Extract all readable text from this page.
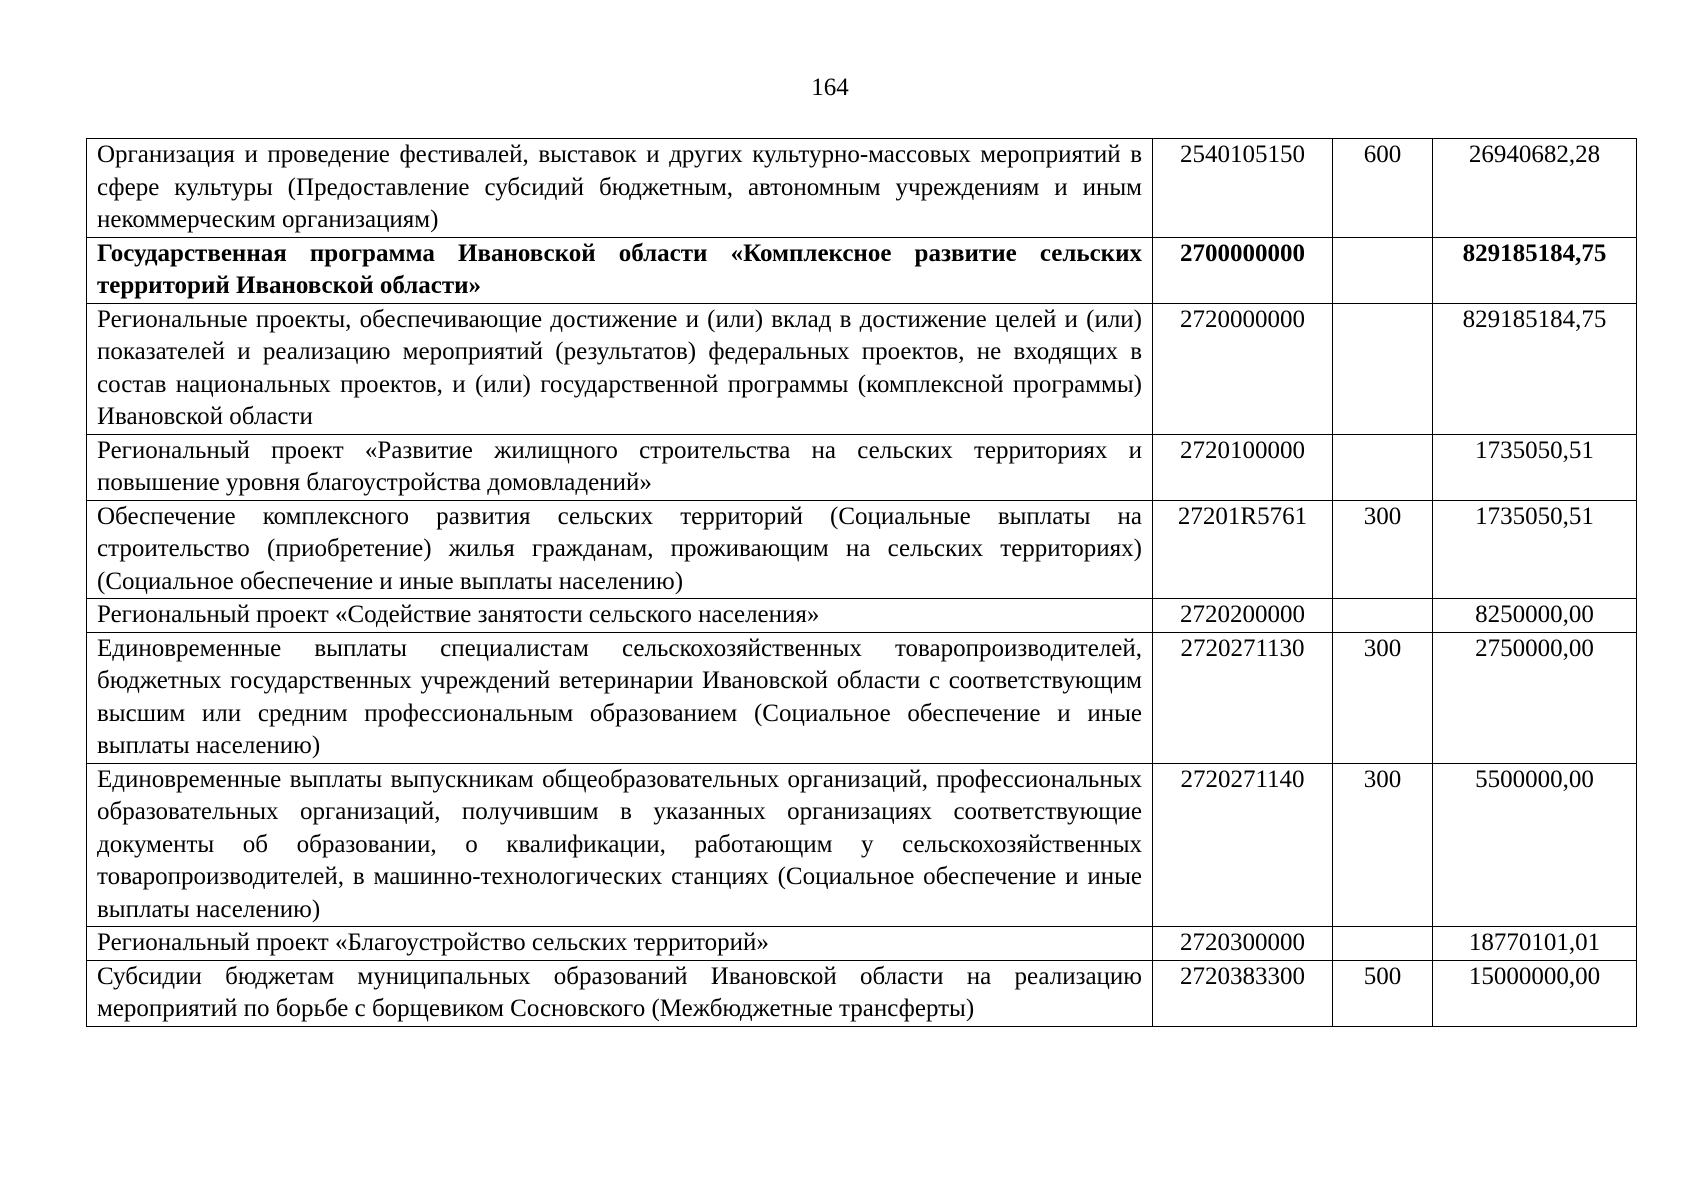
164
Организация и проведение фестивалей, выставок и других культурно-массовых мероприятий в сфере культуры (Предоставление субсидий бюджетным, автономным учреждениям и иным некоммерческим организациям)	2540105150	600	26940682,28
Государственная программа Ивановской области «Комплексное развитие сельских территорий Ивановской области»	2700000000		829185184,75
Региональные проекты, обеспечивающие достижение и (или) вклад в достижение целей и (или) показателей и реализацию мероприятий (результатов) федеральных проектов, не входящих в состав национальных проектов, и (или) государственной программы (комплексной программы) Ивановской области	2720000000		829185184,75
Региональный проект «Развитие жилищного строительства на сельских территориях и повышение уровня благоустройства домовладений»	2720100000		1735050,51
Обеспечение комплексного развития сельских территорий (Социальные выплаты на строительство (приобретение) жилья гражданам, проживающим на сельских территориях) (Социальное обеспечение и иные выплаты населению)	27201R5761	300	1735050,51
Региональный проект «Содействие занятости сельского населения»	2720200000		8250000,00
Единовременные выплаты специалистам сельскохозяйственных товаропроизводителей, бюджетных государственных учреждений ветеринарии Ивановской области с соответствующим высшим или средним профессиональным образованием (Социальное обеспечение и иные выплаты населению)	2720271130	300	2750000,00
Единовременные выплаты выпускникам общеобразовательных организаций, профессиональных образовательных организаций, получившим в указанных организациях соответствующие документы об образовании, о квалификации, работающим у сельскохозяйственных товаропроизводителей, в машинно-технологических станциях (Социальное обеспечение и иные выплаты населению)	2720271140	300	5500000,00
Региональный проект «Благоустройство сельских территорий»	2720300000		18770101,01
Субсидии бюджетам муниципальных образований Ивановской области на реализацию мероприятий по борьбе с борщевиком Сосновского (Межбюджетные трансферты)	2720383300	500	15000000,00
